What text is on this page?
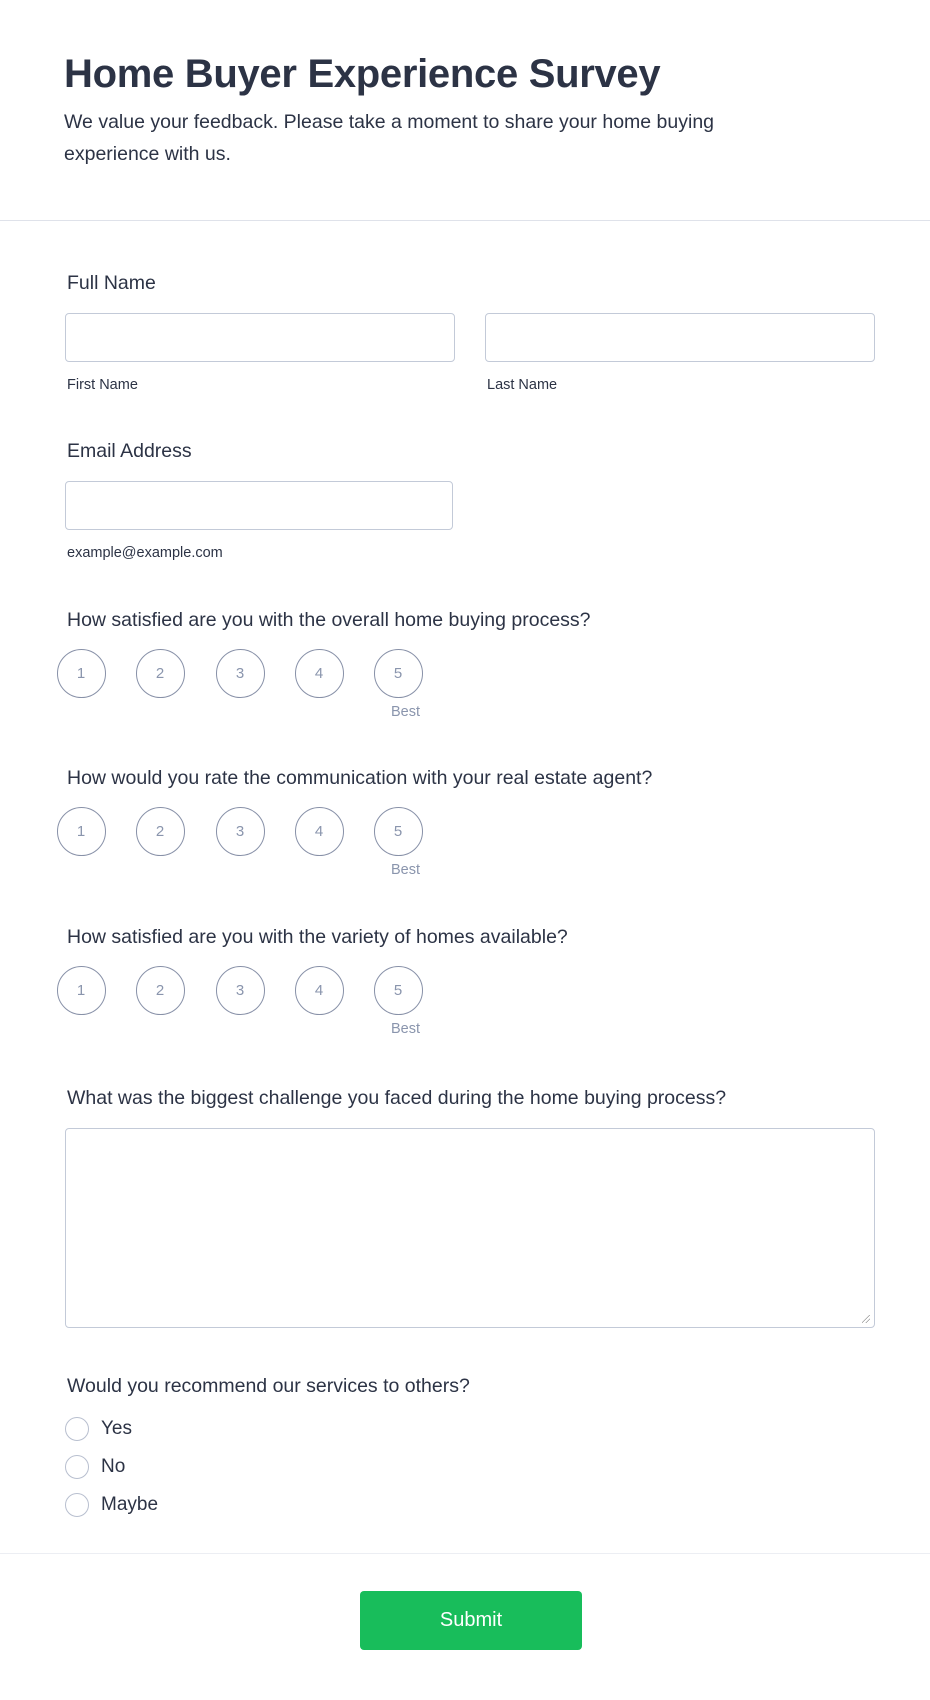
Home Buyer Experience Survey

We value your feedback. Please take a moment to share your home buying experience with us.

Full Name
First Name	Last Name
Email Address
example@example.com
How satisfied are you with the overall home buying process?
1	2	3	4	5
Best
How would you rate the communication with your real estate agent?
1	2	3	4	5
Best
How satisfied are you with the variety of homes available?
1	2	3	4	5
Best
What was the biggest challenge you faced during the home buying process?
Would you recommend our services to others?
Yes
No
Maybe
Submit
